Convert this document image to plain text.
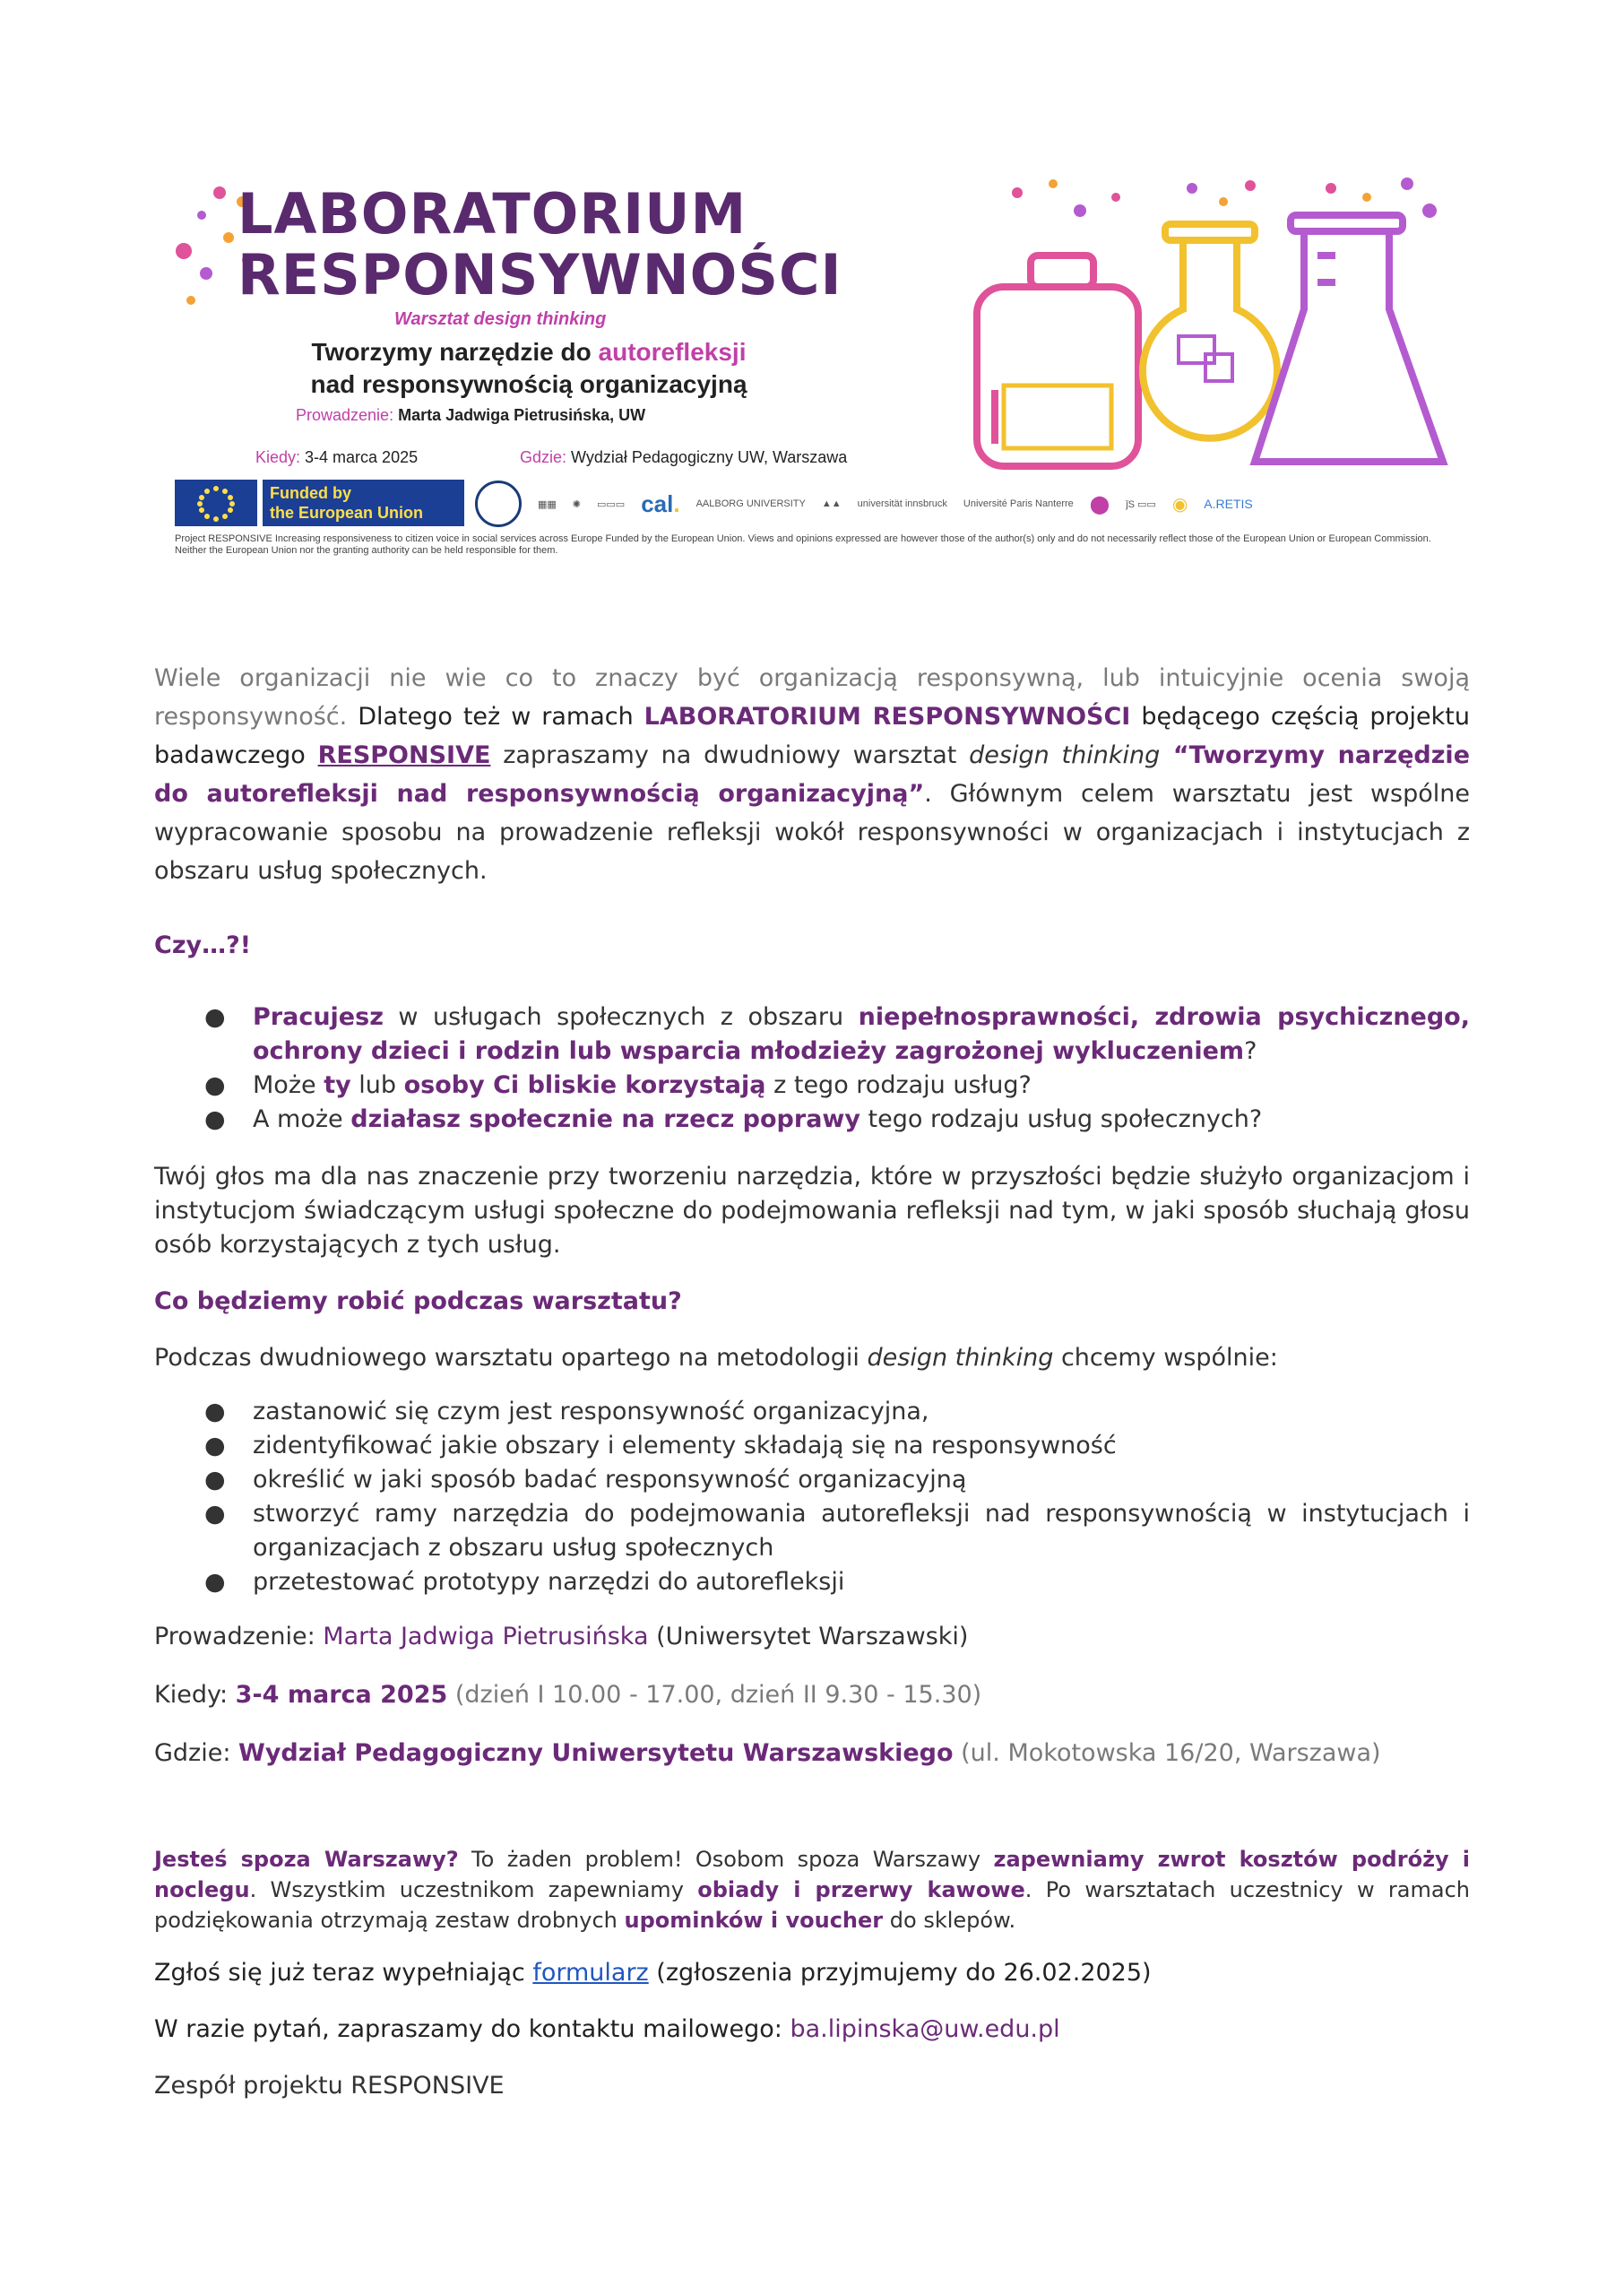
LABORATORIUM
RESPONSYWNOŚCI
Warsztat design thinking
Tworzymy narzędzie do autorefleksji
nad responsywnością organizacyjną
Prowadzenie: Marta Jadwiga Pietrusińska, UW
Kiedy: 3-4 marca 2025	Gdzie: Wydział Pedagogiczny UW, Warszawa
Funded by
the European Union	▦▦ ✺ ▭▭▭ cal. AALBORG UNIVERSITY ▲▲ universität innsbruck Université Paris Nanterre ⬤ ǰS ▭▭ ◉ A.RETIS
Project RESPONSIVE Increasing responsiveness to citizen voice in social services across Europe Funded by the European Union. Views and opinions expressed are however those of the author(s) only and do not necessarily reflect those of the European Union or European Commission. Neither the European Union nor the granting authority can be held responsible for them.

Wiele organizacji nie wie co to znaczy być organizacją responsywną, lub intuicyjnie ocenia swoją responsywność. Dlatego też w ramach LABORATORIUM RESPONSYWNOŚCI będącego częścią projektu badawczego RESPONSIVE zapraszamy na dwudniowy warsztat design thinking “Tworzymy narzędzie do autorefleksji nad responsywnością organizacyjną”. Głównym celem warsztatu jest wspólne wypracowanie sposobu na prowadzenie refleksji wokół responsywności w organizacjach i instytucjach z obszaru usług społecznych.

Czy…?!

● Pracujesz w usługach społecznych z obszaru niepełnosprawności, zdrowia psychicznego, ochrony dzieci i rodzin lub wsparcia młodzieży zagrożonej wykluczeniem?
● Może ty lub osoby Ci bliskie korzystają z tego rodzaju usług?
● A może działasz społecznie na rzecz poprawy tego rodzaju usług społecznych?

Twój głos ma dla nas znaczenie przy tworzeniu narzędzia, które w przyszłości będzie służyło organizacjom i instytucjom świadczącym usługi społeczne do podejmowania refleksji nad tym, w jaki sposób słuchają głosu osób korzystających z tych usług.

Co będziemy robić podczas warsztatu?

Podczas dwudniowego warsztatu opartego na metodologii design thinking chcemy wspólnie:

● zastanowić się czym jest responsywność organizacyjna,
● zidentyfikować jakie obszary i elementy składają się na responsywność
● określić w jaki sposób badać responsywność organizacyjną
● stworzyć ramy narzędzia do podejmowania autorefleksji nad responsywnością w instytucjach i organizacjach z obszaru usług społecznych
● przetestować prototypy narzędzi do autorefleksji

Prowadzenie: Marta Jadwiga Pietrusińska (Uniwersytet Warszawski)

Kiedy: 3-4 marca 2025 (dzień I 10.00 - 17.00, dzień II 9.30 - 15.30)

Gdzie: Wydział Pedagogiczny Uniwersytetu Warszawskiego (ul. Mokotowska 16/20, Warszawa)

Jesteś spoza Warszawy? To żaden problem! Osobom spoza Warszawy zapewniamy zwrot kosztów podróży i noclegu. Wszystkim uczestnikom zapewniamy obiady i przerwy kawowe. Po warsztatach uczestnicy w ramach podziękowania otrzymają zestaw drobnych upominków i voucher do sklepów.

Zgłoś się już teraz wypełniając formularz (zgłoszenia przyjmujemy do 26.02.2025)

W razie pytań, zapraszamy do kontaktu mailowego: ba.lipinska@uw.edu.pl

Zespół projektu RESPONSIVE
